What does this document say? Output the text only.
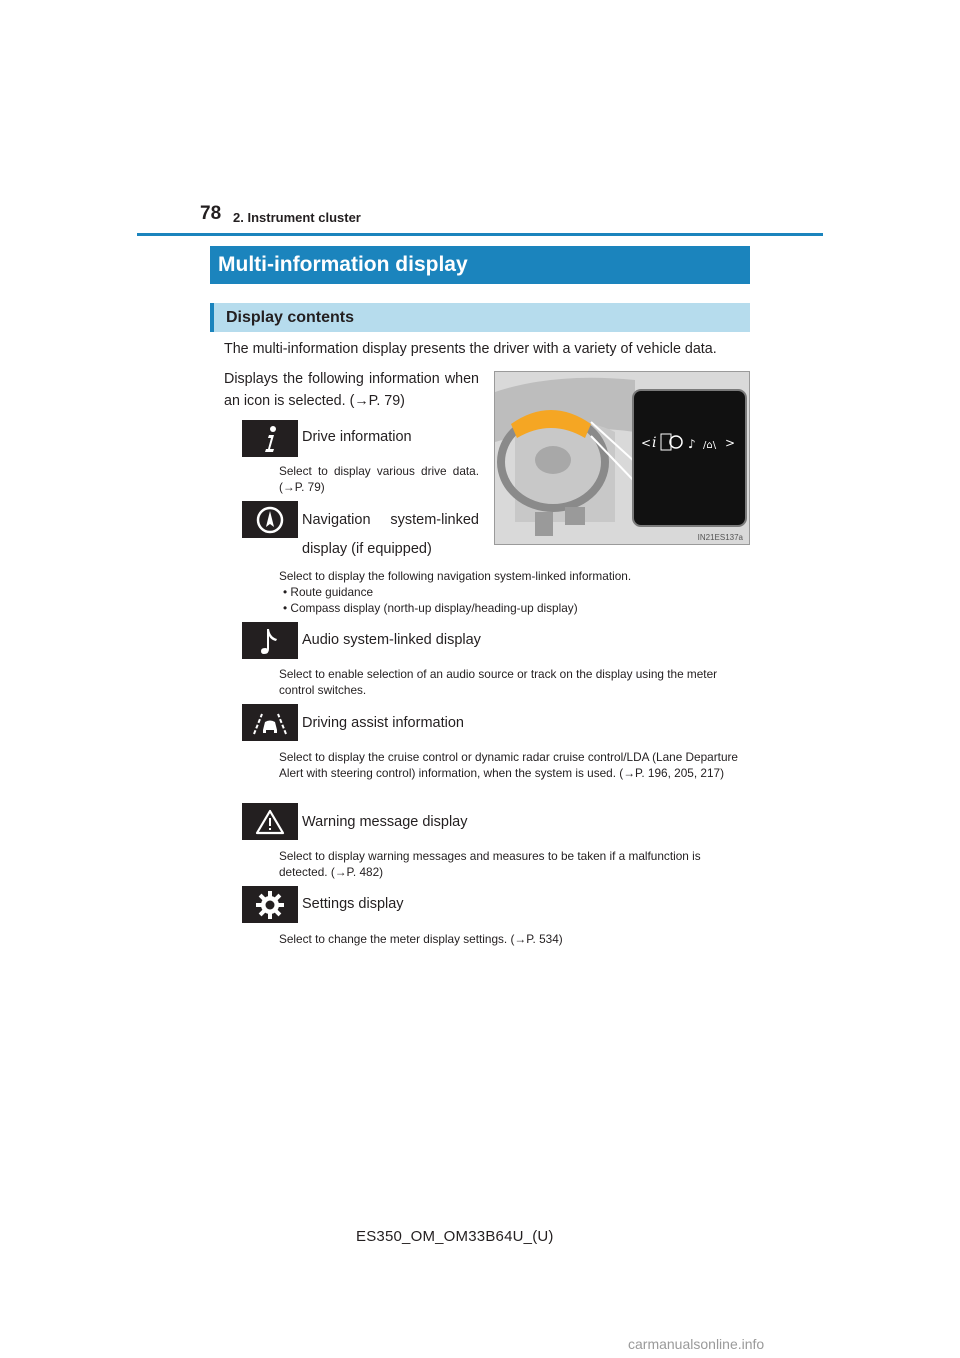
78 2. Instrument cluster
Multi-information display
Display contents
The multi-information display presents the driver with a variety of vehicle data.
Displays the following information when an icon is selected. (→P. 79)
< i	♪ /⌂\ >
IN21ES137a
Drive information
Select to display various drive data. (→P. 79)
Navigation system-linked
display (if equipped)
Select to display the following navigation system-linked information.
• Route guidance
• Compass display (north-up display/heading-up display)
Audio system-linked display
Select to enable selection of an audio source or track on the display using the meter control switches.
Driving assist information
Select to display the cruise control or dynamic radar cruise control/LDA (Lane Departure Alert with steering control) information, when the system is used. (→P. 196, 205, 217)
Warning message display
Select to display warning messages and measures to be taken if a malfunction is detected. (→P. 482)
Settings display
Select to change the meter display settings. (→P. 534)
ES350_OM_OM33B64U_(U)
carmanualsonline.info
